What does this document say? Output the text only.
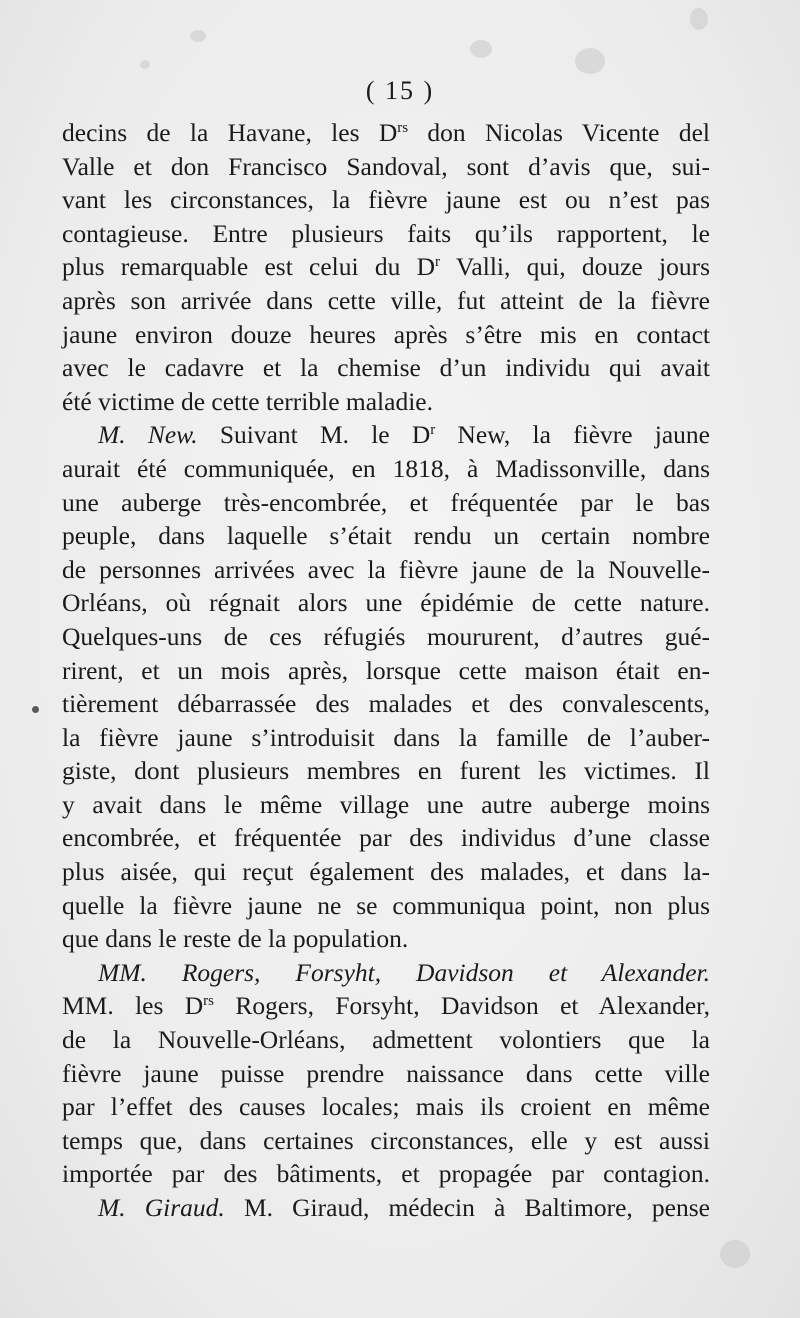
( 15 )
decins de la Havane, les $D^{rs}$ don Nicolas Vicente del
Valle et don Francisco Sandoval, sont d’avis que, sui-
vant les circonstances, la fièvre jaune est ou n’est pas
contagieuse. Entre plusieurs faits qu’ils rapportent, le
plus remarquable est celui du $D^r$ Valli, qui, douze jours
après son arrivée dans cette ville, fut atteint de la fièvre
jaune environ douze heures après s’être mis en contact
avec le cadavre et la chemise d’un individu qui avait
été victime de cette terrible maladie.
M. New. Suivant M. le $D^r$ New, la fièvre jaune
aurait été communiquée, en 1818, à Madissonville, dans
une auberge très-encombrée, et fréquentée par le bas
peuple, dans laquelle s’était rendu un certain nombre
de personnes arrivées avec la fièvre jaune de la Nouvelle-
Orléans, où régnait alors une épidémie de cette nature.
Quelques-uns de ces réfugiés moururent, d’autres gué-
rirent, et un mois après, lorsque cette maison était en-
tièrement débarrassée des malades et des convalescents,
la fièvre jaune s’introduisit dans la famille de l’auber-
giste, dont plusieurs membres en furent les victimes. Il
y avait dans le même village une autre auberge moins
encombrée, et fréquentée par des individus d’une classe
plus aisée, qui reçut également des malades, et dans la-
quelle la fièvre jaune ne se communiqua point, non plus
que dans le reste de la population.
MM. Rogers, Forsyht, Davidson et Alexander.
MM. les $D^{rs}$ Rogers, Forsyht, Davidson et Alexander,
de la Nouvelle-Orléans, admettent volontiers que la
fièvre jaune puisse prendre naissance dans cette ville
par l’effet des causes locales; mais ils croient en même
temps que, dans certaines circonstances, elle y est aussi
importée par des bâtiments, et propagée par contagion.
M. Giraud. M. Giraud, médecin à Baltimore, pense
